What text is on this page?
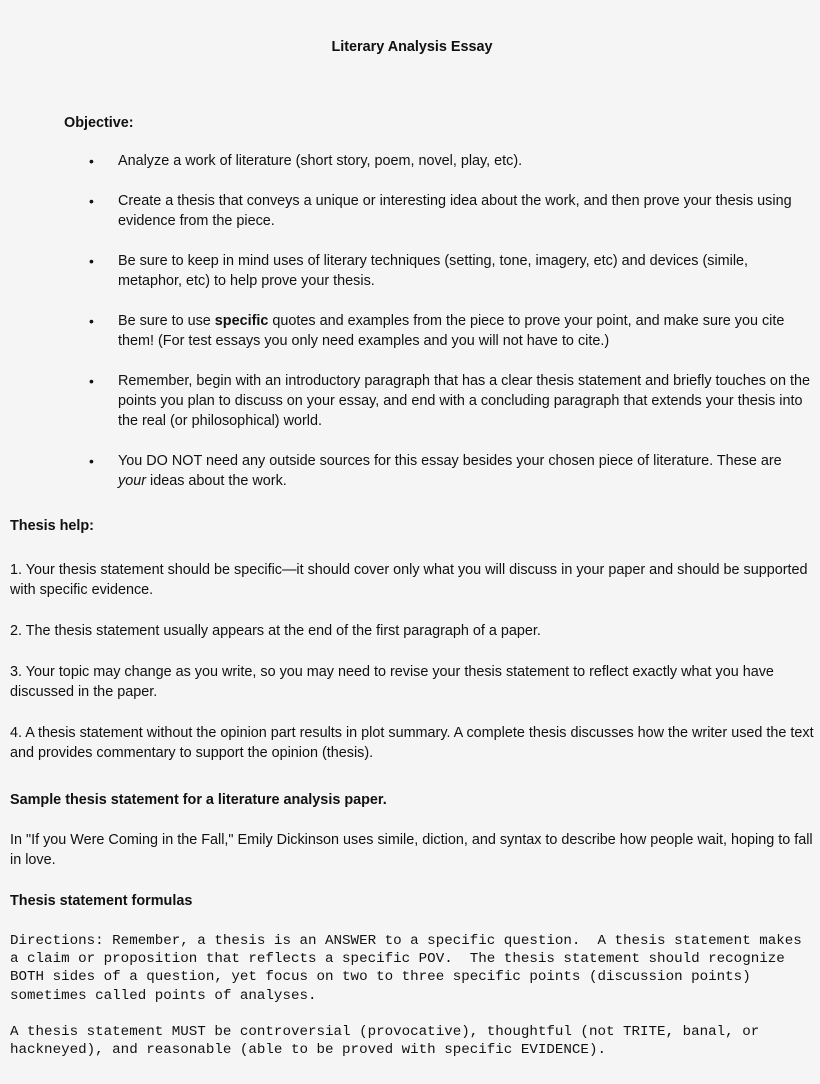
Literary Analysis Essay
Objective:
• Analyze a work of literature (short story, poem, novel, play, etc).
• Create a thesis that conveys a unique or interesting idea about the work, and then prove your thesis using evidence from the piece.
• Be sure to keep in mind uses of literary techniques (setting, tone, imagery, etc) and devices (simile, metaphor, etc) to help prove your thesis.
• Be sure to use specific quotes and examples from the piece to prove your point, and make sure you cite them! (For test essays you only need examples and you will not have to cite.)
• Remember, begin with an introductory paragraph that has a clear thesis statement and briefly touches on the points you plan to discuss on your essay, and end with a concluding paragraph that extends your thesis into the real (or philosophical) world.
• You DO NOT need any outside sources for this essay besides your chosen piece of literature. These are your ideas about the work.
Thesis help:

1. Your thesis statement should be specific—it should cover only what you will discuss in your paper and should be supported with specific evidence.

2. The thesis statement usually appears at the end of the first paragraph of a paper.

3. Your topic may change as you write, so you may need to revise your thesis statement to reflect exactly what you have discussed in the paper.

4. A thesis statement without the opinion part results in plot summary. A complete thesis discusses how the writer used the text and provides commentary to support the opinion (thesis).

Sample thesis statement for a literature analysis paper.

In "If you Were Coming in the Fall," Emily Dickinson uses simile, diction, and syntax to describe how people wait, hoping to fall in love.

Thesis statement formulas

Directions: Remember, a thesis is an ANSWER to a specific question.  A thesis statement makes
a claim or proposition that reflects a specific POV.  The thesis statement should recognize
BOTH sides of a question, yet focus on two to three specific points (discussion points)
sometimes called points of analyses.

A thesis statement MUST be controversial (provocative), thoughtful (not TRITE, banal, or
hackneyed), and reasonable (able to be proved with specific EVIDENCE).
